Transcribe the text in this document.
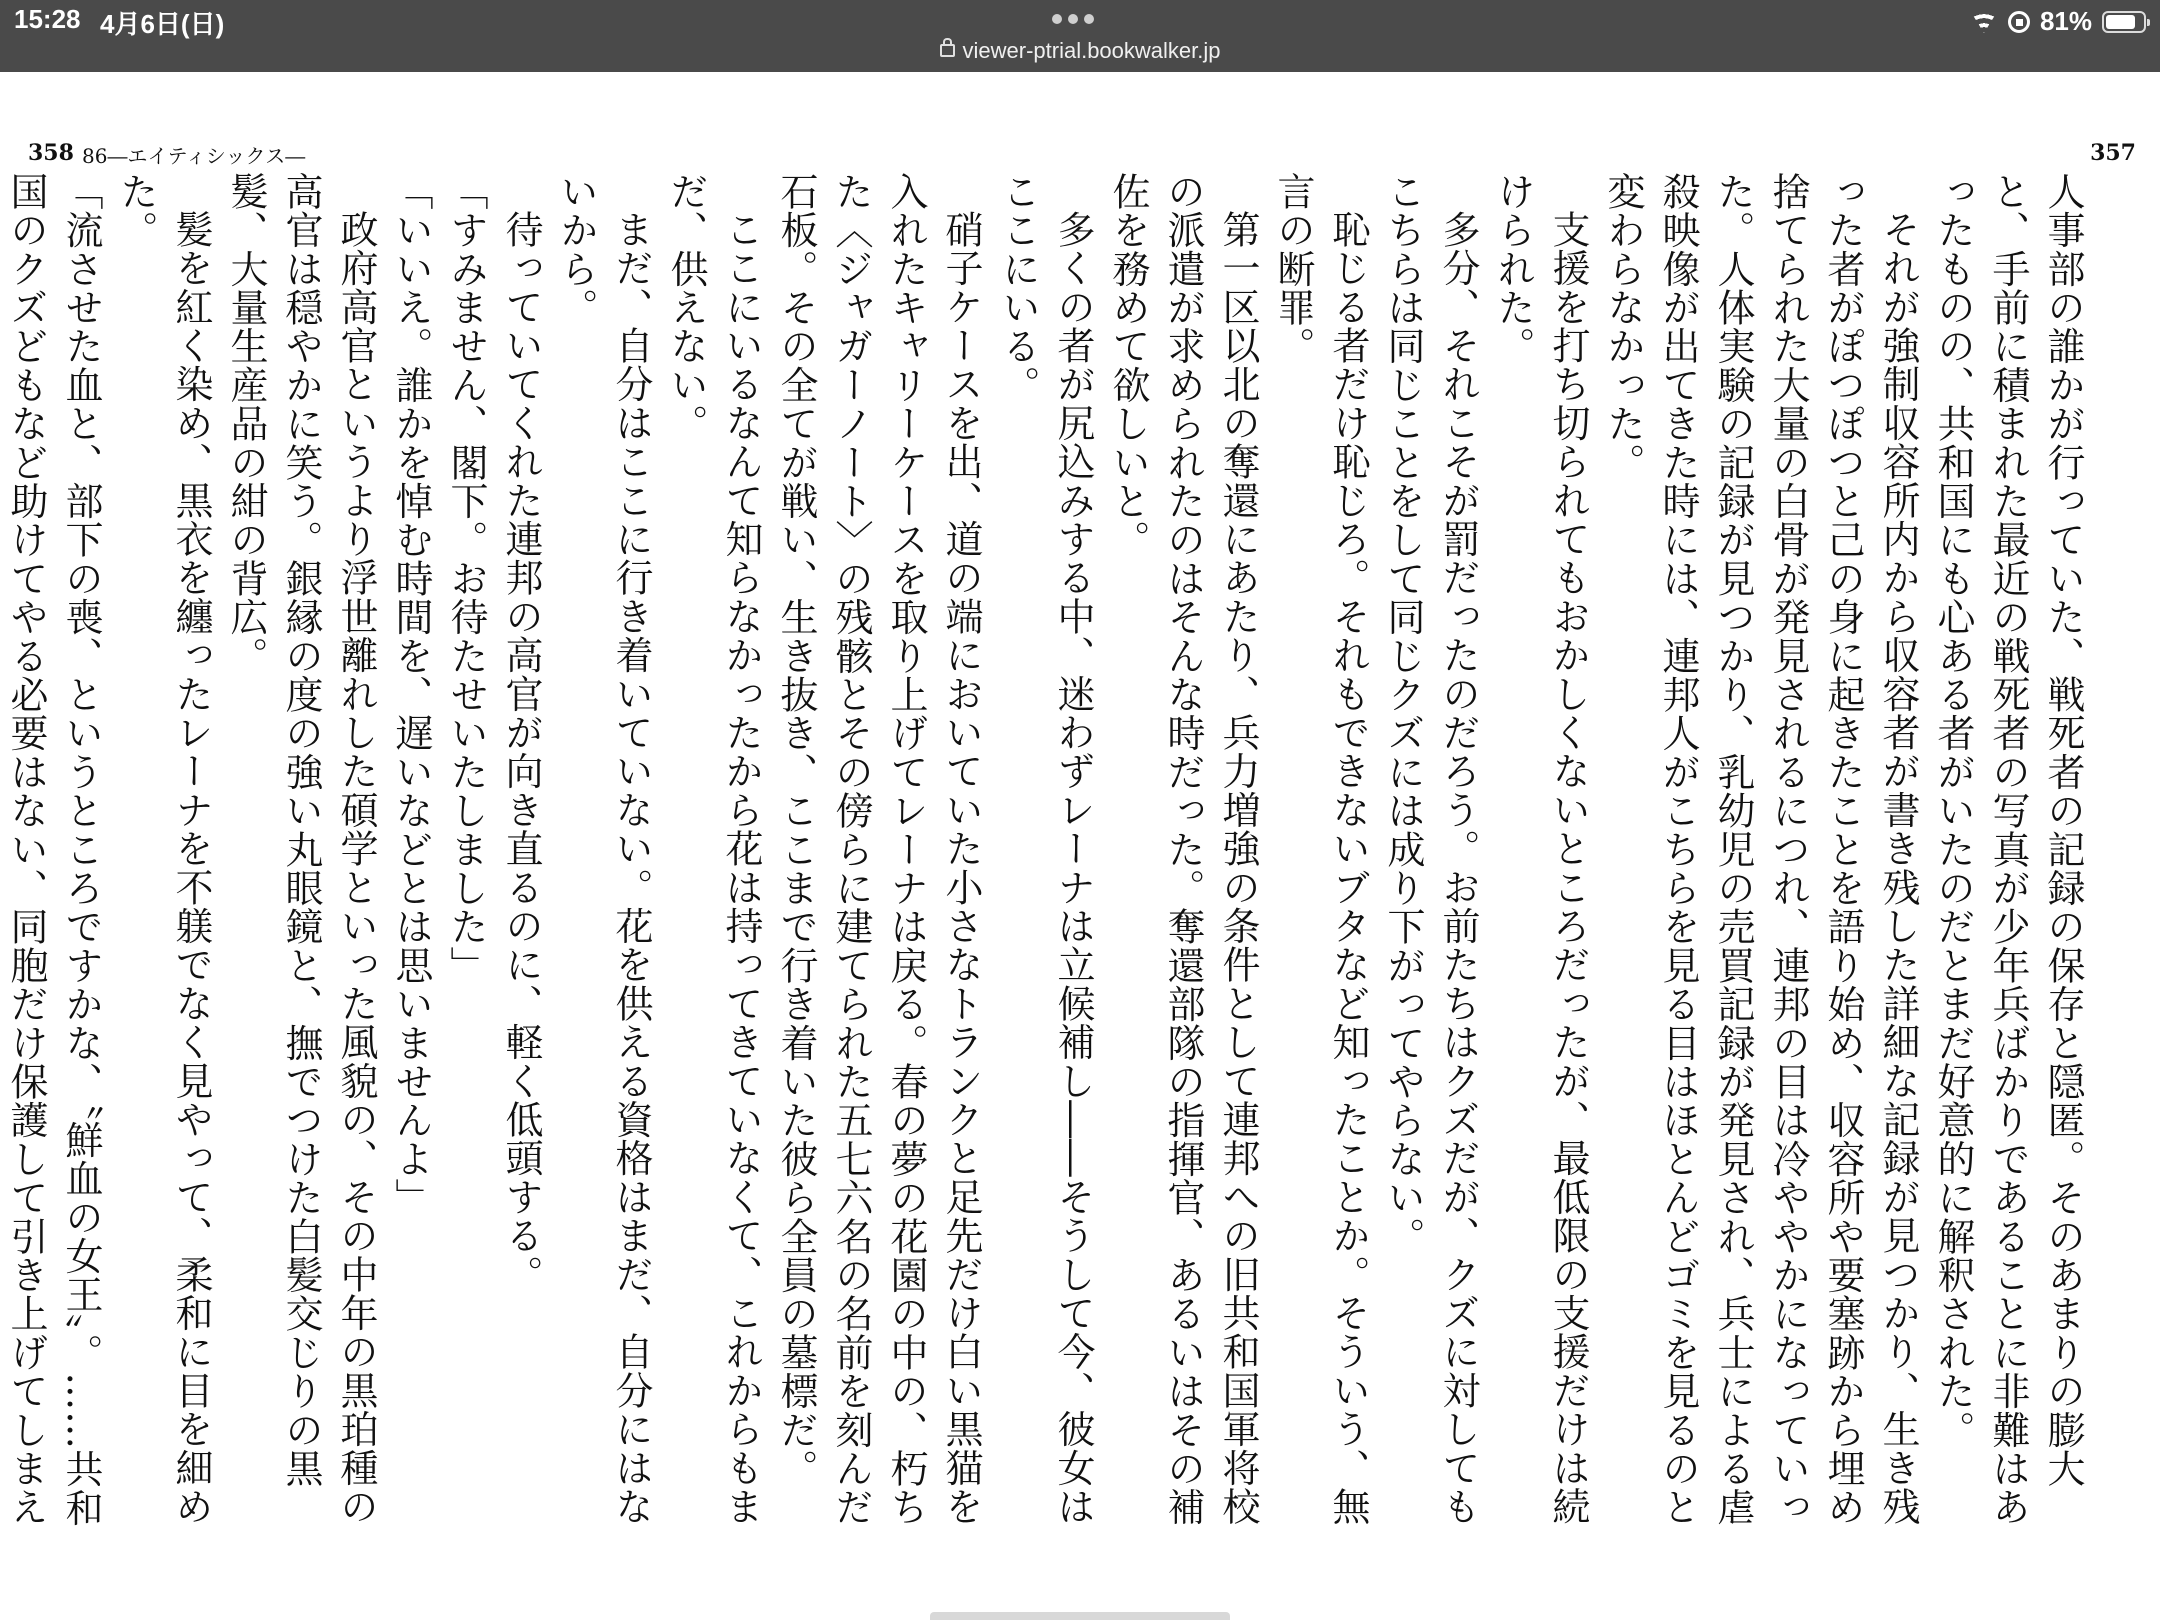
15:28 4月6日(日)
viewer-ptrial.bookwalker.jp
81%
358 86―エイティシックス―	357

人事部の誰かが行っていた、戦死者の記録の保存と隠匿。そのあまりの膨大と、手前に積まれた最近の戦死者の写真が少年兵ばかりであることに非難はあったものの、共和国にも心ある者がいたのだとまだ好意的に解釈された。

それが強制収容所内から収容者が書き残した詳細な記録が見つかり、生き残った者がぽつぽつと己の身に起きたことを語り始め、収容所や要塞跡から埋め捨てられた大量の白骨が発見されるにつれ、連邦の目は冷ややかになっていった。人体実験の記録が見つかり、乳幼児の売買記録が発見され、兵士による虐殺映像が出てきた時には、連邦人がこちらを見る目はほとんどゴミを見るのと変わらなかった。

支援を打ち切られてもおかしくないところだったが、最低限の支援だけは続けられた。

多分、それこそが罰だったのだろう。お前たちはクズだが、クズに対してもこちらは同じことをして同じクズには成り下がってやらない。

恥じる者だけ恥じろ。それもできないブタなど知ったことか。そういう、無言の断罪。

第一区以北の奪還にあたり、兵力増強の条件として連邦への旧共和国軍将校の派遣が求められたのはそんな時だった。奪還部隊の指揮官、あるいはその補佐を務めて欲しいと。

多くの者が尻込みする中、迷わずレーナは立候補し――そうして今、彼女はここにいる。

硝子ケースを出、道の端においていた小さなトランクと足先だけ白い黒猫を入れたキャリーケースを取り上げてレーナは戻る。春の夢の花園の中の、朽ちた〈ジャガーノート〉の残骸とその傍らに建てられた五七六名の名前を刻んだ石板。その全てが戦い、生き抜き、ここまで行き着いた彼ら全員の墓標だ。

ここにいるなんて知らなかったから花は持ってきていなくて、これからもまだ、供えない。

まだ、自分はここに行き着いていない。花を供える資格はまだ、自分にはないから。

待っていてくれた連邦の高官が向き直るのに、軽く低頭する。

「すみません、閣下。お待たせいたしました」

「いいえ。誰かを悼む時間を、遅いなどとは思いませんよ」

政府高官というより浮世離れした碩学といった風貌の、その中年の黒珀種の高官は穏やかに笑う。銀縁の度の強い丸眼鏡と、撫でつけた白髪交じりの黒髪、大量生産品の紺の背広。

髪を紅く染め、黒衣を纏ったレーナを不躾でなく見やって、柔和に目を細めた。

「流させた血と、部下の喪、というところですかな、〝鮮血の女王〟。……共和国のクズどもなど助けてやる必要はない、同胞だけ保護して引き上げてしまえ
